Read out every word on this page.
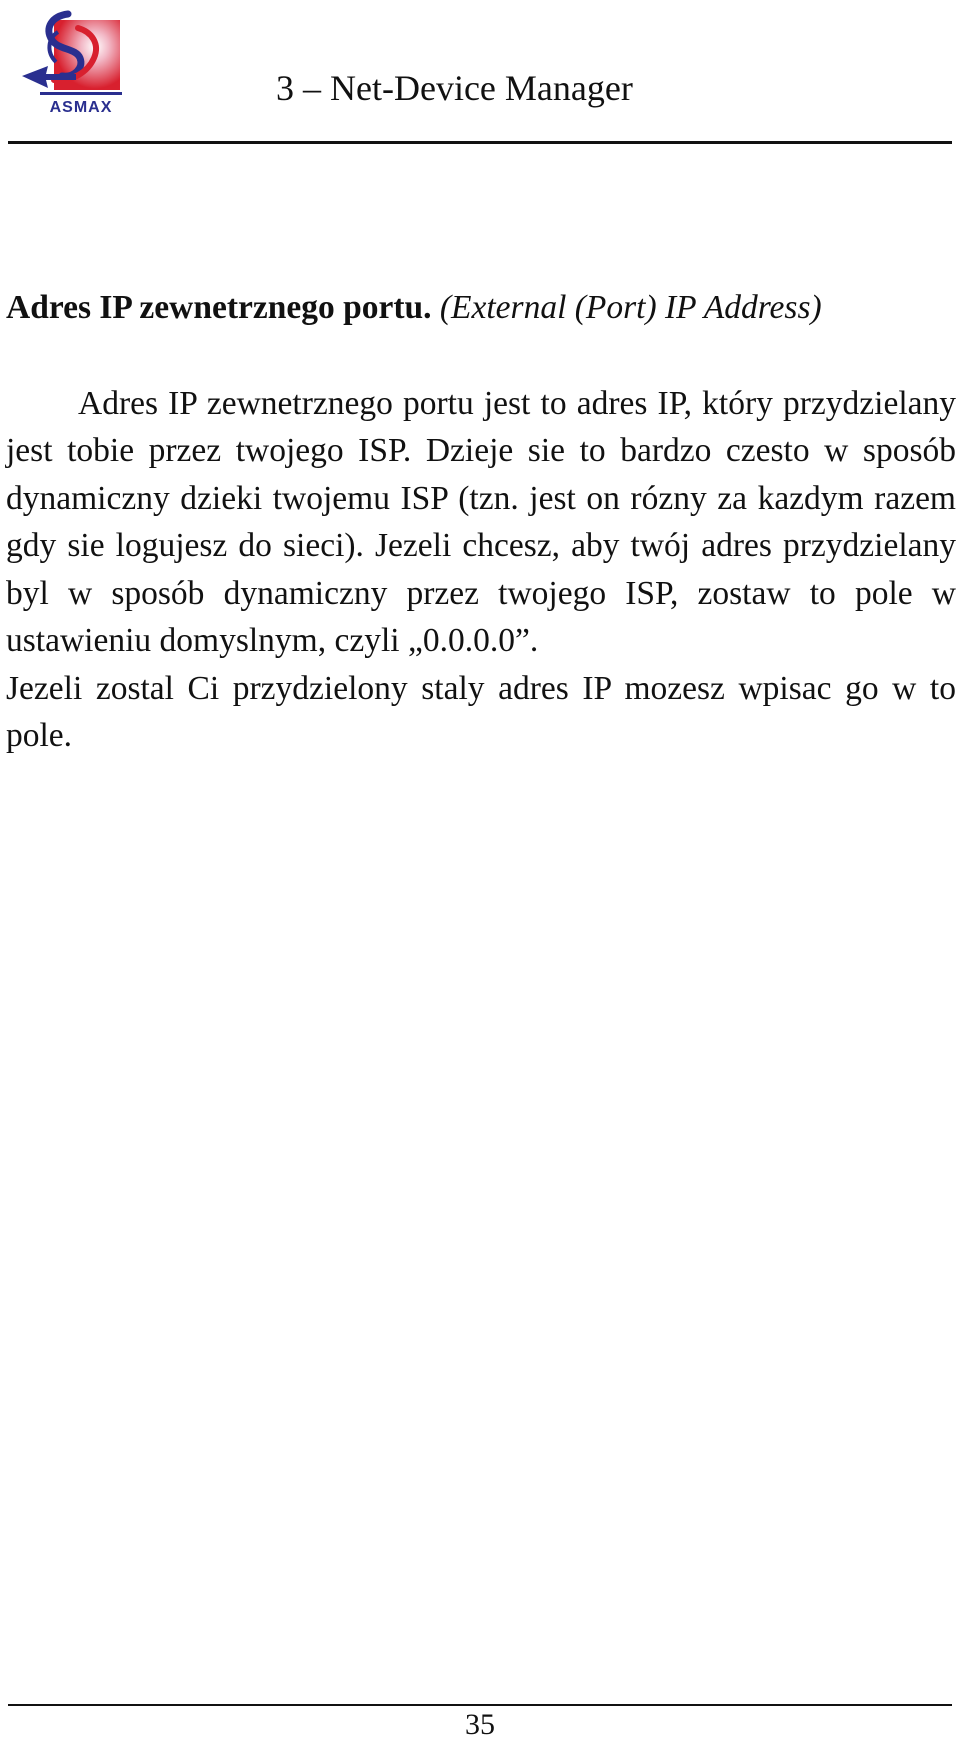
ASMAX	3 – Net-Device Manager

Adres IP zewnetrznego portu. (External (Port) IP Address)

Adres IP zewnetrznego portu jest to adres IP, który przydzielany jest tobie przez twojego ISP. Dzieje sie to bardzo czesto w sposób dynamiczny dzieki twojemu ISP (tzn. jest on rózny za kazdym razem gdy sie logujesz do sieci). Jezeli chcesz, aby twój adres przydzielany byl w sposób dynamiczny przez twojego ISP, zostaw to pole w ustawieniu domyslnym, czyli „0.0.0.0”.

Jezeli zostal Ci przydzielony staly adres IP mozesz wpisac go w to pole.

35
